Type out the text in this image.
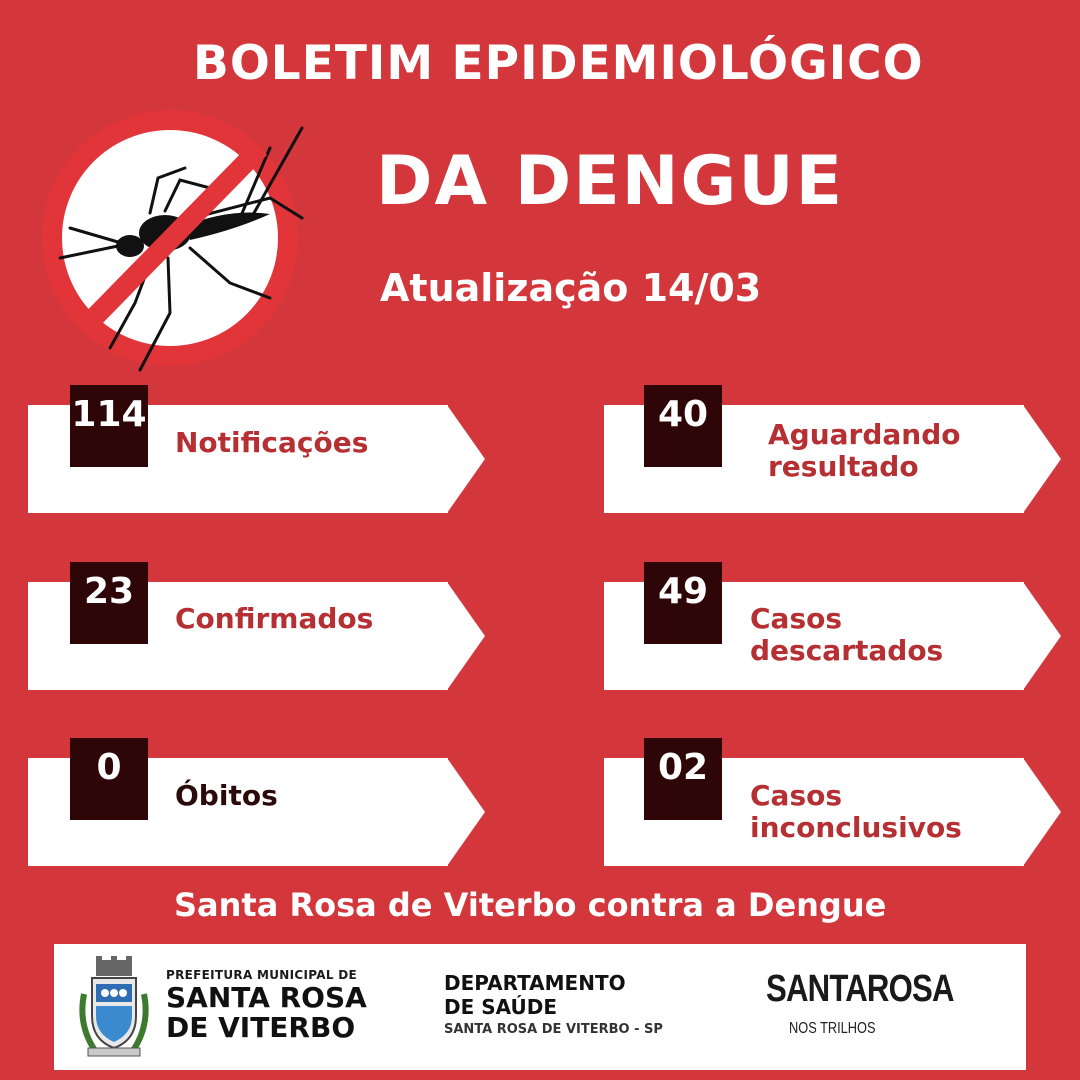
BOLETIM EPIDEMIOLÓGICO
DA DENGUE
Atualização 14/03
114
Notificações
40	Aguardando
resultado
23
Confirmados
49
Casos
descartados
0
Óbitos
02
Casos
inconclusivos
Santa Rosa de Viterbo contra a Dengue
PREFEITURA MUNICIPAL DE
SANTA ROSA
DE VITERBO
DEPARTAMENTO
DE SAÚDE
SANTA ROSA DE VITERBO - SP
SANTAROSA
NOS TRILHOS
